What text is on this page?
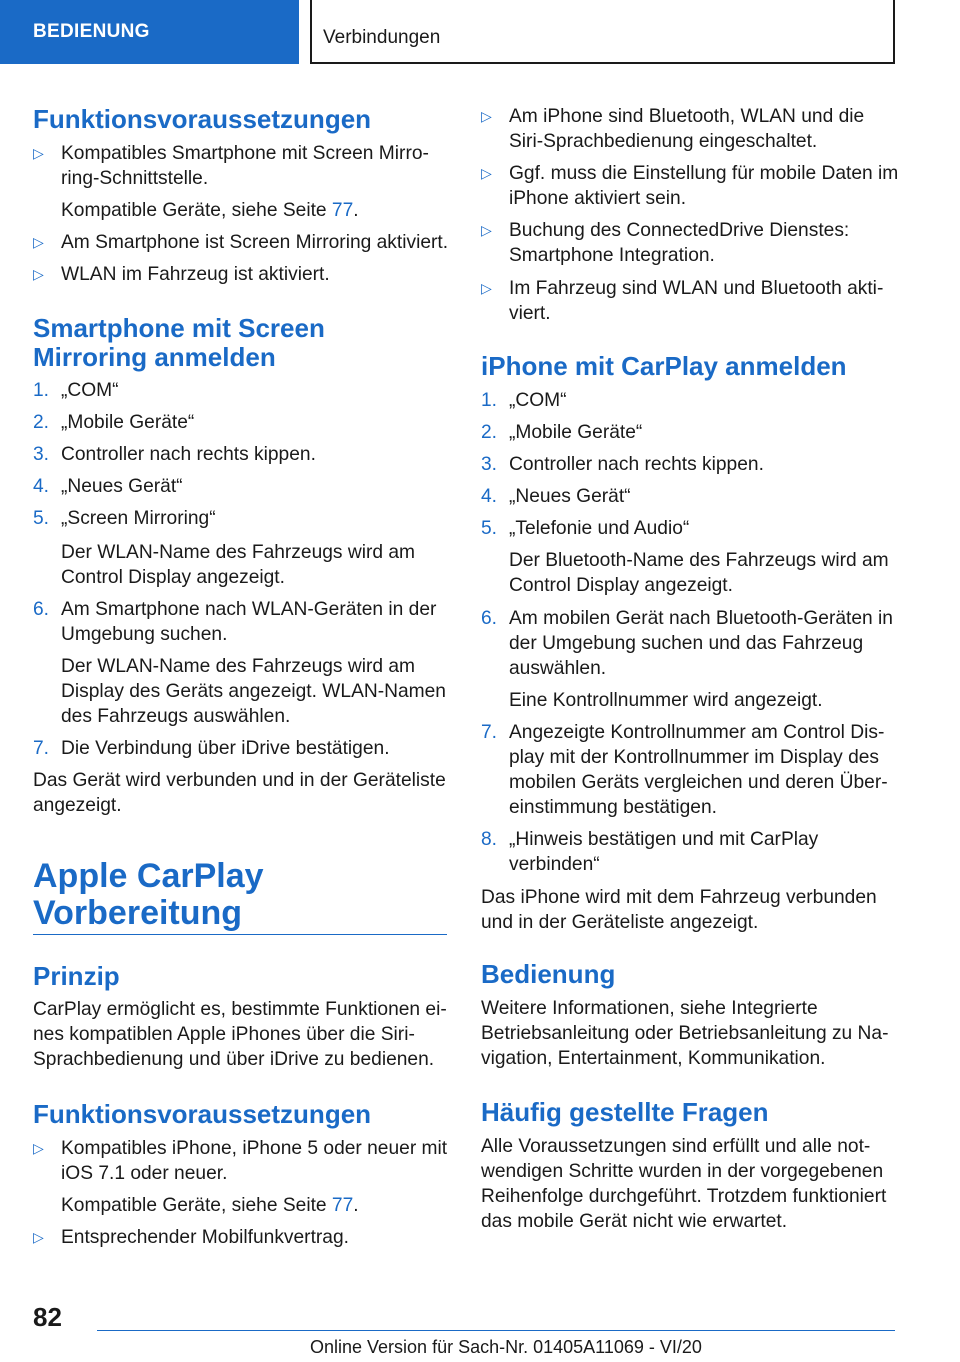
BEDIENUNG	Verbindungen
Funktionsvoraussetzungen
▷ Kompatibles Smartphone mit Screen Mirro-
ring-Schnittstelle.
Kompatible Geräte, siehe Seite 77.
▷ Am Smartphone ist Screen Mirroring aktiviert.
▷ WLAN im Fahrzeug ist aktiviert.
Smartphone mit Screen
Mirroring anmelden
1. „COM“
2. „Mobile Geräte“
3. Controller nach rechts kippen.
4. „Neues Gerät“
5. „Screen Mirroring“
Der WLAN-Name des Fahrzeugs wird am
Control Display angezeigt.
6. Am Smartphone nach WLAN-Geräten in der
Umgebung suchen.
Der WLAN-Name des Fahrzeugs wird am
Display des Geräts angezeigt. WLAN-Namen
des Fahrzeugs auswählen.
7. Die Verbindung über iDrive bestätigen.
Das Gerät wird verbunden und in der Geräteliste
angezeigt.
Apple CarPlay
Vorbereitung
Prinzip
CarPlay ermöglicht es, bestimmte Funktionen ei-
nes kompatiblen Apple iPhones über die Siri-
Sprachbedienung und über iDrive zu bedienen.
Funktionsvoraussetzungen
▷ Kompatibles iPhone, iPhone 5 oder neuer mit
iOS 7.1 oder neuer.
Kompatible Geräte, siehe Seite 77.
▷ Entsprechender Mobilfunkvertrag.
▷ Am iPhone sind Bluetooth, WLAN und die
Siri-Sprachbedienung eingeschaltet.
▷ Ggf. muss die Einstellung für mobile Daten im
iPhone aktiviert sein.
▷ Buchung des ConnectedDrive Dienstes:
Smartphone Integration.
▷ Im Fahrzeug sind WLAN und Bluetooth akti-
viert.
iPhone mit CarPlay anmelden
1. „COM“
2. „Mobile Geräte“
3. Controller nach rechts kippen.
4. „Neues Gerät“
5. „Telefonie und Audio“
Der Bluetooth-Name des Fahrzeugs wird am
Control Display angezeigt.
6. Am mobilen Gerät nach Bluetooth-Geräten in
der Umgebung suchen und das Fahrzeug
auswählen.
Eine Kontrollnummer wird angezeigt.
7. Angezeigte Kontrollnummer am Control Dis-
play mit der Kontrollnummer im Display des
mobilen Geräts vergleichen und deren Über-
einstimmung bestätigen.
8. „Hinweis bestätigen und mit CarPlay
verbinden“
Das iPhone wird mit dem Fahrzeug verbunden
und in der Geräteliste angezeigt.
Bedienung
Weitere Informationen, siehe Integrierte
Betriebsanleitung oder Betriebsanleitung zu Na-
vigation, Entertainment, Kommunikation.
Häufig gestellte Fragen
Alle Voraussetzungen sind erfüllt und alle not-
wendigen Schritte wurden in der vorgegebenen
Reihenfolge durchgeführt. Trotzdem funktioniert
das mobile Gerät nicht wie erwartet.
82
Online Version für Sach-Nr. 01405A11069 - VI/20
